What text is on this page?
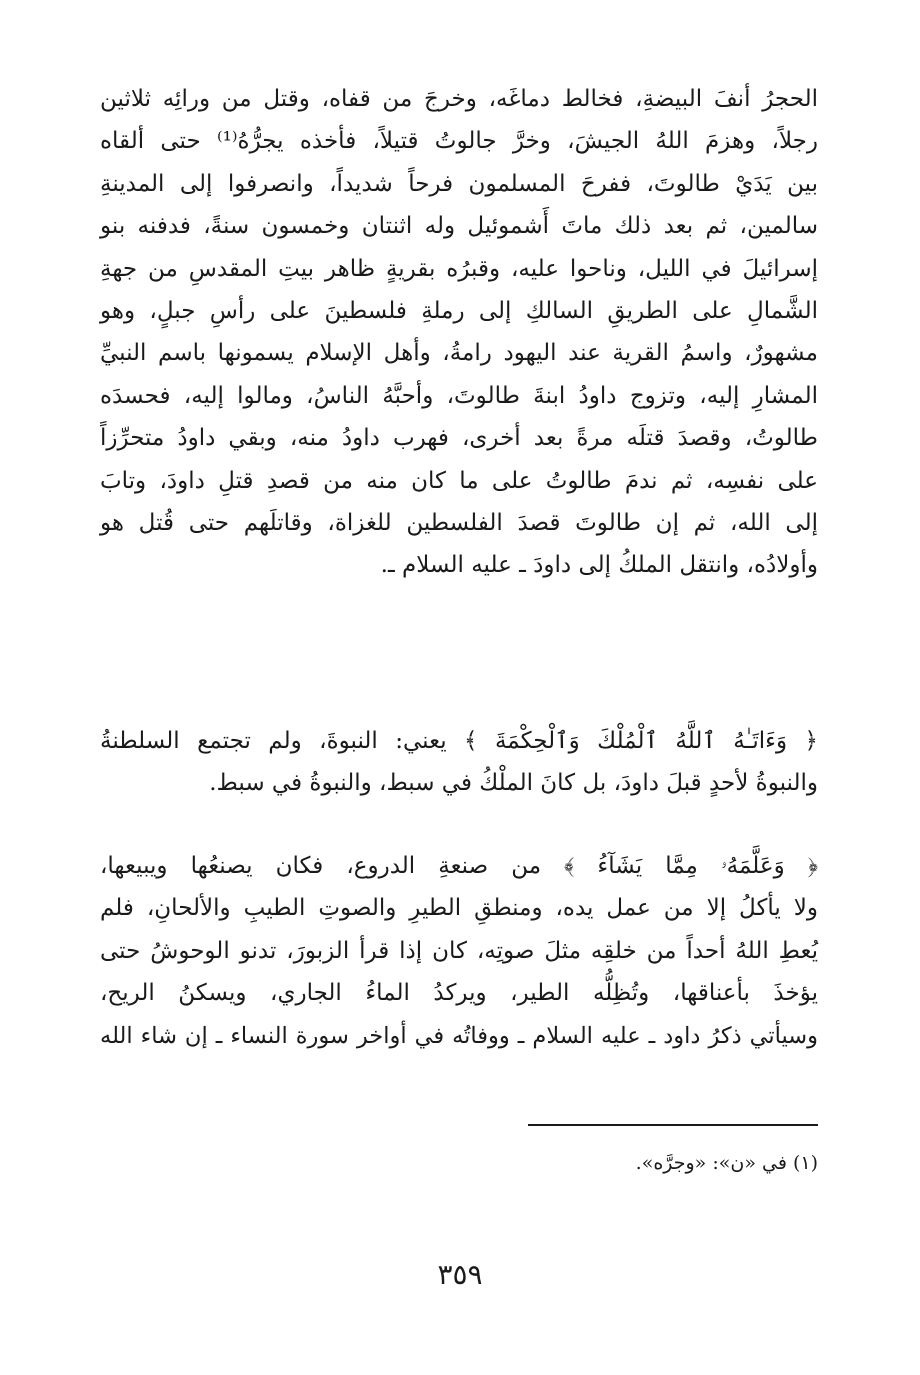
الحجرُ أنفَ البيضةِ، فخالط دماغَه، وخرجَ من قفاه، وقتل من ورائِه ثلاثين
رجلاً، وهزمَ اللهُ الجيشَ، وخرَّ جالوتُ قتيلاً، فأخذه يجرُّهُ⁽¹⁾ حتى ألقاه
بين يَدَيْ طالوتَ، ففرحَ المسلمون فرحاً شديداً، وانصرفوا إلى المدينةِ
سالمين، ثم بعد ذلك ماتَ أَشموئيل وله اثنتان وخمسون سنةً، فدفنه بنو
إسرائيلَ في الليل، وناحوا عليه، وقبرُه بقريةٍ ظاهر بيتِ المقدسِ من جهةِ
الشَّمالِ على الطريقِ السالكِ إلى رملةِ فلسطينَ على رأسِ جبلٍ، وهو
مشهورٌ، واسمُ القرية عند اليهود رامةُ، وأهل الإسلام يسمونها باسم النبيِّ
المشارِ إليه، وتزوج داودُ ابنةَ طالوتَ، وأحبَّهُ الناسُ، ومالوا إليه، فحسدَه
طالوتُ، وقصدَ قتلَه مرةً بعد أخرى، فهرب داودُ منه، وبقي داودُ متحرِّزاً
على نفسِه، ثم ندمَ طالوتُ على ما كان منه من قصدِ قتلِ داودَ، وتابَ
إلى الله، ثم إن طالوتَ قصدَ الفلسطين للغزاة، وقاتلَهم حتى قُتل هو
وأولادُه، وانتقل الملكُ إلى داودَ ـ عليه السلام ـ.
﴿ وَءَاتَـٰهُ ٱللَّهُ ٱلْمُلْكَ وَٱلْحِكْمَةَ ﴾ يعني: النبوةَ، ولم تجتمع السلطنةُ
والنبوةُ لأحدٍ قبلَ داودَ، بل كانَ الملْكُ في سبط، والنبوةُ في سبط.
﴿ وَعَلَّمَهُۥ مِمَّا يَشَآءُ ﴾ من صنعةِ الدروع، فكان يصنعُها ويبيعها،
ولا يأكلُ إلا من عمل يده، ومنطقِ الطيرِ والصوتِ الطيبِ والألحانِ، فلم
يُعطِ اللهُ أحداً من خلقِه مثلَ صوتِه، كان إذا قرأ الزبورَ، تدنو الوحوشُ حتى
يؤخذَ بأعناقها، وتُظِلُّه الطير، ويركدُ الماءُ الجاري، ويسكنُ الريح،
وسيأتي ذكرُ داود ـ عليه السلام ـ ووفاتُه في أواخر سورة النساء ـ إن شاء الله
(١) في «ن»: «وجرَّه».
٣٥٩
